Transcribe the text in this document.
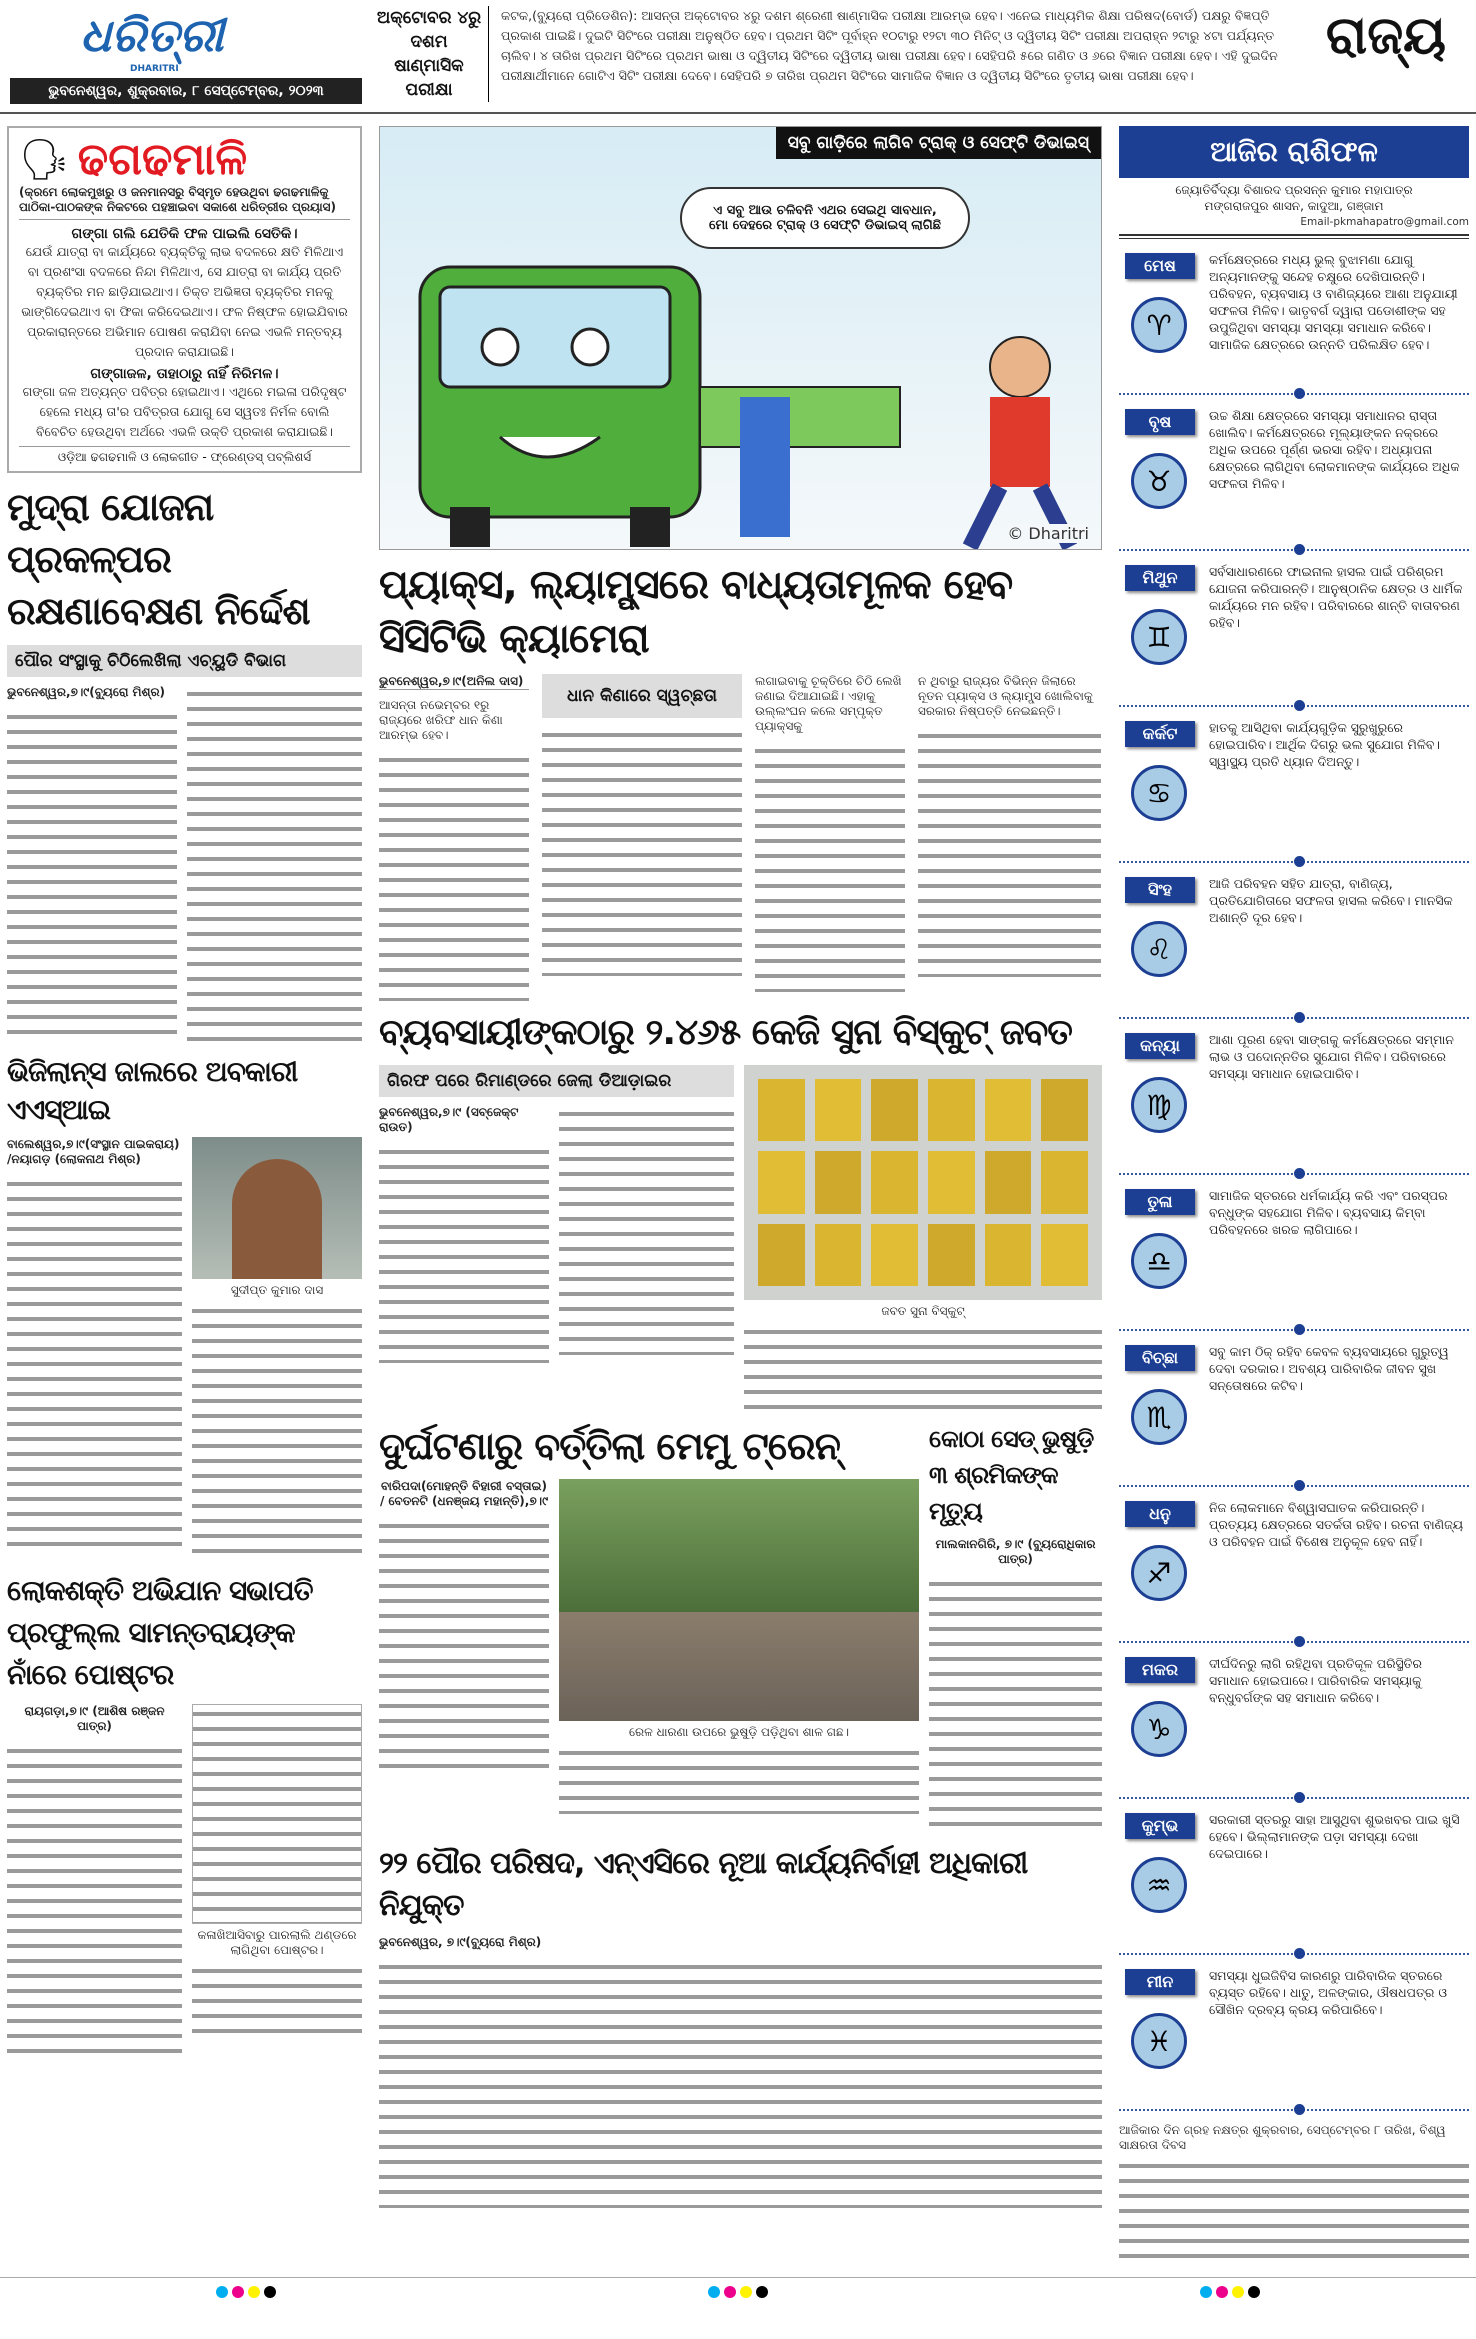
ଧରିତ୍ରୀ
DHARITRI
ଭୁବନେଶ୍ୱର, ଶୁକ୍ରବାର, ୮ ସେପ୍ଟେମ୍ବର, ୨୦୨୩
ଅକ୍ଟୋବର ୪ରୁ ଦଶମ ଷାଣ୍ମାସିକ ପରୀକ୍ଷା
କଟକ,(ବ୍ୟୁରୋ ପ୍ରିଡେଶିନ): ଆସନ୍ତା ଅକ୍ଟୋବର ୪ରୁ ଦଶମ ଶ୍ରେଣୀ ଷାଣ୍ମାସିକ ପରୀକ୍ଷା ଆରମ୍ଭ ହେବ। ଏନେଇ ମାଧ୍ୟମିକ ଶିକ୍ଷା ପରିଷଦ(ବୋର୍ଡ) ପକ୍ଷରୁ ବିଜ୍ଞପ୍ତି ପ୍ରକାଶ ପାଇଛି। ଦୁଇଟି ସିଟିଂରେ ପରୀକ୍ଷା ଅନୁଷ୍ଠିତ ହେବ। ପ୍ରଥମ ସିଟିଂ ପୂର୍ବାହ୍ନ ୧୦ଟାରୁ ୧୨ଟା ୩୦ ମିନିଟ୍ ଓ ଦ୍ୱିତୀୟ ସିଟିଂ ପରୀକ୍ଷା ଅପରାହ୍ନ ୨ଟାରୁ ୪ଟା ପର୍ଯ୍ୟନ୍ତ ଚାଲିବ। ୪ ତାରିଖ ପ୍ରଥମ ସିଟିଂରେ ପ୍ରଥମ ଭାଷା ଓ ଦ୍ୱିତୀୟ ସିଟିଂରେ ଦ୍ୱିତୀୟ ଭାଷା ପରୀକ୍ଷା ହେବ। ସେହିପରି ୫ରେ ଗଣିତ ଓ ୬ରେ ବିଜ୍ଞାନ ପରୀକ୍ଷା ହେବ। ଏହି ଦୁଇଦିନ ପରୀକ୍ଷାର୍ଥୀମାନେ ଗୋଟିଏ ସିଟିଂ ପରୀକ୍ଷା ଦେବେ। ସେହିପରି ୭ ତାରିଖ ପ୍ରଥମ ସିଟିଂରେ ସାମାଜିକ ବିଜ୍ଞାନ ଓ ଦ୍ୱିତୀୟ ସିଟିଂରେ ତୃତୀୟ ଭାଷା ପରୀକ୍ଷା ହେବ।
ରାଜ୍ୟ
🗣 ଢଗଢମାଳି
(କ୍ରମେ ଲୋକମୁଖରୁ ଓ ଜନମାନସରୁ ବିସ୍ମୃତ ହେଉଥିବା ଢଗଢମାଳିକୁ ପାଠିକା-ପାଠକଙ୍କ ନିକଟରେ ପହଞ୍ଚାଇବା ସକାଶେ ଧରିତ୍ରୀର ପ୍ରୟାସ)
ଗଙ୍ଗା ଗଲି ଯେତିକି ଫଳ ପାଇଲି ସେତିକି।
ଯେଉଁ ଯାତ୍ରା ବା କାର୍ଯ୍ୟରେ ବ୍ୟକ୍ତିକୁ ଲାଭ ବଦଳରେ କ୍ଷତି ମିଳିଥାଏ ବା ପ୍ରଶଂସା ବଦଳରେ ନିନ୍ଦା ମିଳିଥାଏ, ସେ ଯାତ୍ରା ବା କାର୍ଯ୍ୟ ପ୍ରତି ବ୍ୟକ୍ତିର ମନ ଛାଡ଼ିଯାଇଥାଏ। ତିକ୍ତ ଅଭିଜ୍ଞତା ବ୍ୟକ୍ତିର ମନକୁ ଭାଙ୍ଗିଦେଇଥାଏ ବା ଫିକା କରିଦେଇଥାଏ। ଫଳ ନିଷ୍ଫଳ ହୋଇଯିବାର ପ୍ରକାରାନ୍ତରେ ଅଭିମାନ ପୋଷଣ କରାଯିବା ନେଇ ଏଭଳି ମନ୍ତବ୍ୟ ପ୍ରଦାନ କରାଯାଇଛି।
ଗଙ୍ଗାଜଳ, ତାହାଠାରୁ ନାହିଁ ନିରିମଳ।
ଗଙ୍ଗା ଜଳ ଅତ୍ୟନ୍ତ ପବିତ୍ର ହୋଇଥାଏ। ଏଥିରେ ମଇଳା ପରିଦୃଷ୍ଟ ହେଲେ ମଧ୍ୟ ତା'ର ପବିତ୍ରତା ଯୋଗୁ ସେ ସ୍ୱତଃ ନିର୍ମଳ ବୋଲି ବିବେଚିତ ହେଉଥିବା ଅର୍ଥରେ ଏଭଳି ଉକ୍ତି ପ୍ରକାଶ କରାଯାଇଛି।
ଓଡ଼ିଆ ଢଗଢମାଳି ଓ ଲୋକଗୀତ - ଫ୍ରେଣ୍ଡସ୍ ପବ୍ଲିଶର୍ସ
ମୁଦ୍ରା ଯୋଜନା ପ୍ରକଳ୍ପର ରକ୍ଷଣାବେକ୍ଷଣ ନିର୍ଦ୍ଦେଶ
ପୌର ସଂସ୍ଥାକୁ ଚିଠିଲେଖିଲା ଏଚ୍‌ୟୁଡି ବିଭାଗ
ଭୁବନେଶ୍ୱର,୭।୯(ବ୍ୟୁରୋ ମିଶ୍ର)
ଭିଜିଲାନ୍ସ ଜାଲରେ ଅବକାରୀ ଏଏସ୍‌ଆଇ
ବାଲେଶ୍ୱର,୭।୯(ସଂସ୍ଥାନ ପାଇକରାୟ) /ନୟାଗଡ଼ (ଲୋକନାଥ ମିଶ୍ର)
ସୁଦୀପ୍ତ କୁମାର ଦାସ
ଲୋକଶକ୍ତି ଅଭିଯାନ ସଭାପତି ପ୍ରଫୁଲ୍ଲ ସାମନ୍ତରାୟଙ୍କ ନାଁରେ ପୋଷ୍ଟର
ରାୟଗଡ଼ା,୭।୯ (ଆଶିଷ ରଞ୍ଜନ ପାତ୍ର)
କଳାଖିଆସିବାରୁ ପାରଲାଲି ଥଣ୍ଡରେ ଲାଗିଥିବା ପୋଷ୍ଟର।
ସବୁ ଗାଡ଼ିରେ ଲାଗିବ ଟ୍ରାକ୍ ଓ ସେଫ୍ଟି ଡିଭାଇସ୍
ଏ ସବୁ ଆଉ ଚଳିବନି ଏଥର ସେଇଥି ସାବଧାନ, ମୋ ଦେହରେ ଟ୍ରାକ୍ ଓ ସେଫ୍ଟି ଡିଭାଇସ୍ ଲାଗିଛି
© Dharitri
ପ୍ୟାକ୍ସ, ଲ୍ୟାମ୍ପ୍ସରେ ବାଧ୍ୟତାମୂଳକ ହେବ ସିସିଟିଭି କ୍ୟାମେରା
ଭୁବନେଶ୍ୱର,୭।୯(ଅନିଲ ଦାସ)
ଆସନ୍ତା ନଭେମ୍ବର ୧ରୁ ରାଜ୍ୟରେ ଖରିଫ ଧାନ କିଣା ଆରମ୍ଭ ହେବ।
ଧାନ କିଣାରେ ସ୍ୱଚ୍ଛତା
ଲଗାଇବାକୁ ଚୂକ୍ତିରେ ଚିଠି ଲେଖି ଜଣାଇ ଦିଆଯାଇଛି। ଏହାକୁ ଉଲ୍ଲଂଘନ କଲେ ସମ୍ପୃକ୍ତ ପ୍ୟାକ୍ସକୁ
ନ ଥିବାରୁ ରାଜ୍ୟର ବିଭିନ୍ନ ଜିଲାରେ ନୂତନ ପ୍ୟାକ୍ସ ଓ ଲ୍ୟାମ୍ପ୍ସ ଖୋଲିବାକୁ ସରକାର ନିଷ୍ପତ୍ତି ନେଇଛନ୍ତି।
ବ୍ୟବସାୟୀଙ୍କଠାରୁ ୨.୪୬୫ କେଜି ସୁନା ବିସ୍କୁଟ୍ ଜବତ
ଗିରଫ ପରେ ରିମାଣ୍ଡରେ ଜେଲା ଡିଆଡ଼ାଇର
ଭୁବନେଶ୍ୱର,୭।୯ (ସବ୍‌ଜେକ୍ଟ ରାଉତ)
ଜବତ ସୁନା ବିସ୍କୁଟ୍
ଦୁର୍ଘଟଣାରୁ ବର୍ତ୍ତିଲା ମେମୁ ଟ୍ରେନ୍
ବାରିପଦା(ମୋହନ୍ତି ବିହାରୀ ବସ୍ତାଇ) / ବେତନଟି (ଧନଞ୍ଜୟ ମହାନ୍ତି),୭।୯
ରେଳ ଧାରଣା ଉପରେ ଭୁଷୁଡ଼ି ପଡ଼ିଥିବା ଶାଳ ଗଛ।
କୋଠା ସେଡ୍ ଭୁଷୁଡ଼ି ୩ ଶ୍ରମିକଙ୍କ ମୃତ୍ୟୁ
ମାଲକାନଗିରି, ୭।୯ (ବ୍ୟୁରୋଧିକାର ପାତ୍ର)
୨୨ ପୌର ପରିଷଦ, ଏନ୍‌ଏସିରେ ନୂଆ କାର୍ଯ୍ୟନିର୍ବାହୀ ଅଧିକାରୀ ନିଯୁକ୍ତ
ଭୁବନେଶ୍ୱର, ୭।୯(ବ୍ୟୁରୋ ମିଶ୍ର)
ଆଜିର ରାଶିଫଳ
ଜ୍ୟୋତିର୍ବିଦ୍ୟା ବିଶାରଦ ପ୍ରସନ୍ନ କୁମାର ମହାପାତ୍ର
ମଙ୍ଗରାଜପୁର ଶାସନ, କାଦୁଆ, ଗଞ୍ଜାମ
Email-pkmahapatro@gmail.com
ମେଷ
♈
କର୍ମକ୍ଷେତ୍ରରେ ମଧ୍ୟ ଭୁଲ୍ ବୁଝାମଣା ଯୋଗୁ ଅନ୍ୟମାନଙ୍କୁ ସନ୍ଦେହ ଚକ୍ଷୁରେ ଦେଖିପାରନ୍ତି। ପରିବହନ, ବ୍ୟବସାୟ ଓ ବାଣିଜ୍ୟରେ ଆଶା ଅନୁଯାୟୀ ସଫଳତା ମିଳିବ। ଭାତୃବର୍ଗ ଦ୍ୱାରା ପଡୋଶୀଙ୍କ ସହ ଉପୁଜିଥିବା ସମସ୍ୟା ସମସ୍ୟା ସମାଧାନ କରିବେ। ସାମାଜିକ କ୍ଷେତ୍ରରେ ଉନ୍ନତି ପରିଲକ୍ଷିତ ହେବ।
ବୃଷ
♉
ଉଚ୍ଚ ଶିକ୍ଷା କ୍ଷେତ୍ରରେ ସମସ୍ୟା ସମାଧାନର ରାସ୍ତା ଖୋଲିବ। କର୍ମକ୍ଷେତ୍ରରେ ମୂଲ୍ୟାଙ୍କନ ନକ୍ରରେ ଅଧିକ ଉପରେ ପୂର୍ଣ୍ଣ ଭରସା ରହିବ। ଅଧ୍ୟାପନା କ୍ଷେତ୍ରରେ ଲାଗିଥିବା ଲୋକମାନଙ୍କ କାର୍ଯ୍ୟରେ ଅଧିକ ସଫଳତା ମିଳିବ।
ମିଥୁନ
♊
ସର୍ବସାଧାରଣରେ ଫାଇନାଲ ହାସଲ ପାଇଁ ପରିଶ୍ରମ ଯୋଜନା କରିପାରନ୍ତି। ଆନୁଷ୍ଠାନିକ କ୍ଷେତ୍ର ଓ ଧାର୍ମିକ କାର୍ଯ୍ୟରେ ମନ ରହିବ। ପରିବାରରେ ଶାନ୍ତି ବାତାବରଣ ରହିବ।
କର୍କଟ
♋
ହାତକୁ ଆସିଥିବା କାର୍ଯ୍ୟଗୁଡ଼ିକ ସୁରୁଖୁରୁରେ ହୋଇପାରିବ। ଆର୍ଥିକ ଦିଗରୁ ଭଲ ସୁଯୋଗ ମିଳିବ। ସ୍ୱାସ୍ଥ୍ୟ ପ୍ରତି ଧ୍ୟାନ ଦିଅନ୍ତୁ।
ସିଂହ
♌
ଆଜି ପରିବହନ ସହିତ ଯାତ୍ରା, ବାଣିଜ୍ୟ, ପ୍ରତିଯୋଗିତାରେ ସଫଳତା ହାସଲ କରିବେ। ମାନସିକ ଅଶାନ୍ତି ଦୂର ହେବ।
କନ୍ୟା
♍
ଆଶା ପୂରଣ ହେବା ସାଙ୍ଗକୁ କର୍ମକ୍ଷେତ୍ରରେ ସମ୍ମାନ ଲାଭ ଓ ପଦୋନ୍ନତିର ସୁଯୋଗ ମିଳିବ। ପରିବାରରେ ସମସ୍ୟା ସମାଧାନ ହୋଇପାରିବ।
ତୁଳା
♎
ସାମାଜିକ ସ୍ତରରେ ଧର୍ମକାର୍ଯ୍ୟ କରି ଏବଂ ପରସ୍ପର ବନ୍ଧୁଙ୍କ ସହଯୋଗ ମିଳିବ। ବ୍ୟବସାୟ କିମ୍ବା ପରିବହନରେ ଖରଚ୍ଚ ଲାଗିପାରେ।
ବିଚ୍ଛା
♏
ସବୁ କାମ ଠିକ୍ ରହିବ କେବଳ ବ୍ୟବସାୟରେ ଗୁରୁତ୍ୱ ଦେବା ଦରକାର। ଅବଶ୍ୟ ପାରିବାରିକ ଜୀବନ ସୁଖ ସନ୍ତୋଷରେ କଟିବ।
ଧନୁ
♐
ନିଜ ଲୋକମାନେ ବିଶ୍ୱାସଘାତକ କରିପାରନ୍ତି। ପ୍ରତ୍ୟୟ କ୍ଷେତ୍ରରେ ସତର୍କତା ରହିବ। ରଚନା ବାଣିଜ୍ୟ ଓ ପରିବହନ ପାଇଁ ବିଶେଷ ଅନୁକୂଳ ହେବ ନାହିଁ।
ମକର
♑
ଦୀର୍ଘଦିନରୁ ଲାଗି ରହିଥିବା ପ୍ରତିକୂଳ ପରିସ୍ଥିତିର ସମାଧାନ ହୋଇପାରେ। ପାରିବାରିକ ସମସ୍ୟାକୁ ବନ୍ଧୁବର୍ଗଙ୍କ ସହ ସମାଧାନ କରିବେ।
କୁମ୍ଭ
♒
ସରକାରୀ ସ୍ତରରୁ ସାହା ଆସୁଥିବା ଶୁଭଖବର ପାଇ ଖୁସି ହେବେ। ଭିଲ୍ଲାମାନଙ୍କ ପଡ଼ା ସମସ୍ୟା ଦେଖା ଦେଇପାରେ।
ମୀନ
♓
ସମସ୍ୟା ଧୁଇଜିବିସ କାରଣରୁ ପାରିବାରିକ ସ୍ତରରେ ବ୍ୟସ୍ତ ରହିବେ। ଧାତୁ, ଅଳଙ୍କାର, ଔଷଧପତ୍ର ଓ ସୌଖିନ ଦ୍ରବ୍ୟ କ୍ରୟ କରିପାରିବେ।
ଆଜିକାର ଦିନ ଗ୍ରହ ନକ୍ଷତ୍ର ଶୁକ୍ରବାର, ସେପ୍ଟେମ୍ବର ୮ ତାରିଖ, ବିଶ୍ୱ ସାକ୍ଷରତା ଦିବସ
